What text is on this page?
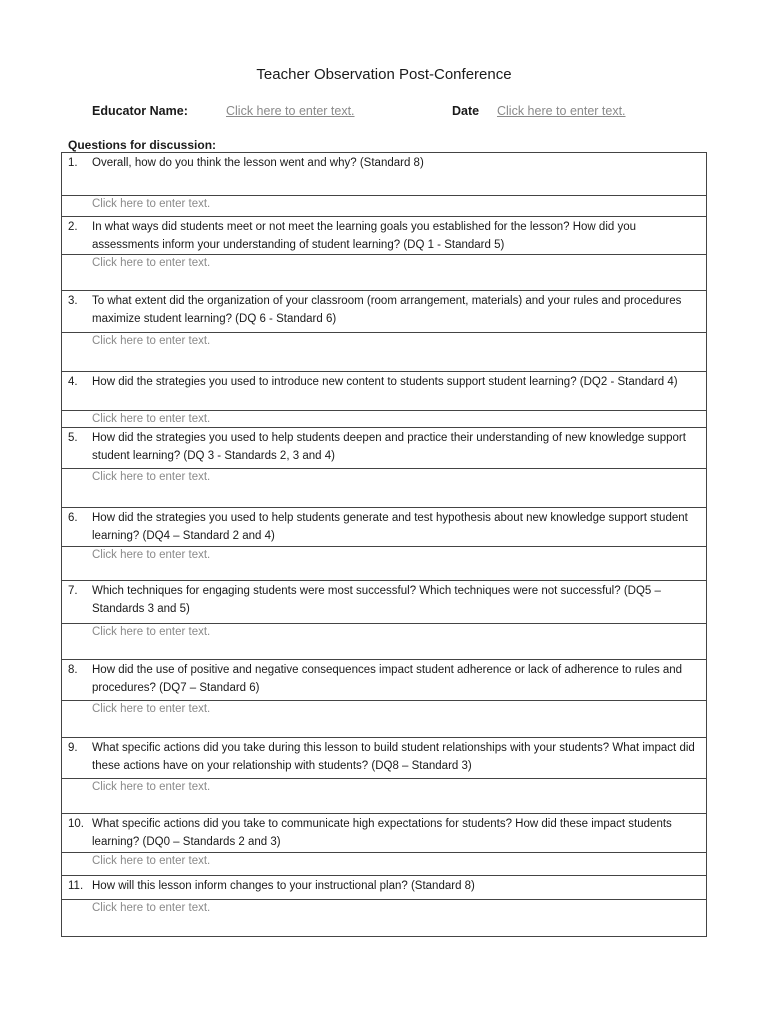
Teacher Observation Post-Conference
Educator Name:	Click here to enter text.	Date Click here to enter text.
Questions for discussion:
1.	Overall, how do you think the lesson went and why? (Standard 8)

Click here to enter text.

2.	In what ways did students meet or not meet the learning goals you established for the lesson? How did you assessments inform your understanding of student learning? (DQ 1 - Standard 5)

Click here to enter text.

3.	To what extent did the organization of your classroom (room arrangement, materials) and your rules and procedures maximize student learning? (DQ 6 - Standard 6)

Click here to enter text.

4.	How did the strategies you used to introduce new content to students support student learning? (DQ2 - Standard 4)

Click here to enter text.

5.	How did the strategies you used to help students deepen and practice their understanding of new knowledge support student learning? (DQ 3 - Standards 2, 3 and 4)

Click here to enter text.

6.	How did the strategies you used to help students generate and test hypothesis about new knowledge support student learning? (DQ4 – Standard 2 and 4)

Click here to enter text.

7.	Which techniques for engaging students were most successful? Which techniques were not successful? (DQ5 – Standards 3 and 5)

Click here to enter text.

8.	How did the use of positive and negative consequences impact student adherence or lack of adherence to rules and procedures? (DQ7 – Standard 6)

Click here to enter text.

9.	What specific actions did you take during this lesson to build student relationships with your students? What impact did these actions have on your relationship with students? (DQ8 – Standard 3)

Click here to enter text.

10. What specific actions did you take to communicate high expectations for students? How did these impact students learning? (DQ0 – Standards 2 and 3)

Click here to enter text.

11. How will this lesson inform changes to your instructional plan? (Standard 8)

Click here to enter text.
